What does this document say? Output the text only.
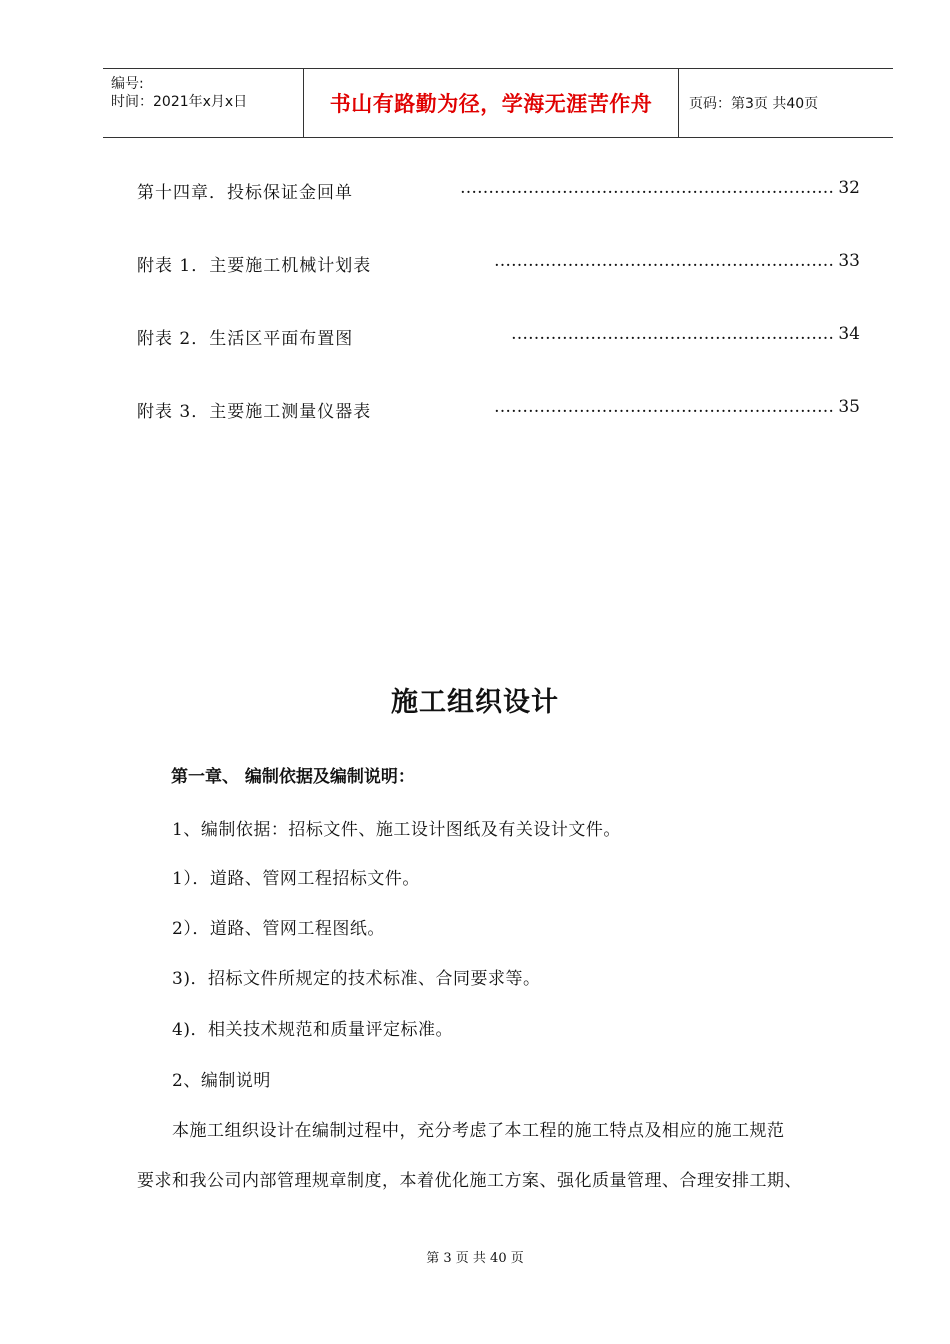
编号:
时间：2021年x月x日	书山有路勤为径，学海无涯苦作舟	页码：第3页 共40页
第十四章．投标保证金回单	………………………………………………………… 32
附表 1．主要施工机械计划表	…………………………………………………… 33
附表 2．生活区平面布置图	………………………………………………… 34
附表 3．主要施工测量仪器表	…………………………………………………… 35
施工组织设计
第一章、 编制依据及编制说明：
1、编制依据：招标文件、施工设计图纸及有关设计文件。
1）．道路、管网工程招标文件。
2）．道路、管网工程图纸。
3)．招标文件所规定的技术标准、合同要求等。
4)．相关技术规范和质量评定标准。
2、编制说明
本施工组织设计在编制过程中，充分考虑了本工程的施工特点及相应的施工规范
要求和我公司内部管理规章制度，本着优化施工方案、强化质量管理、合理安排工期、
第 3 页 共 40 页
